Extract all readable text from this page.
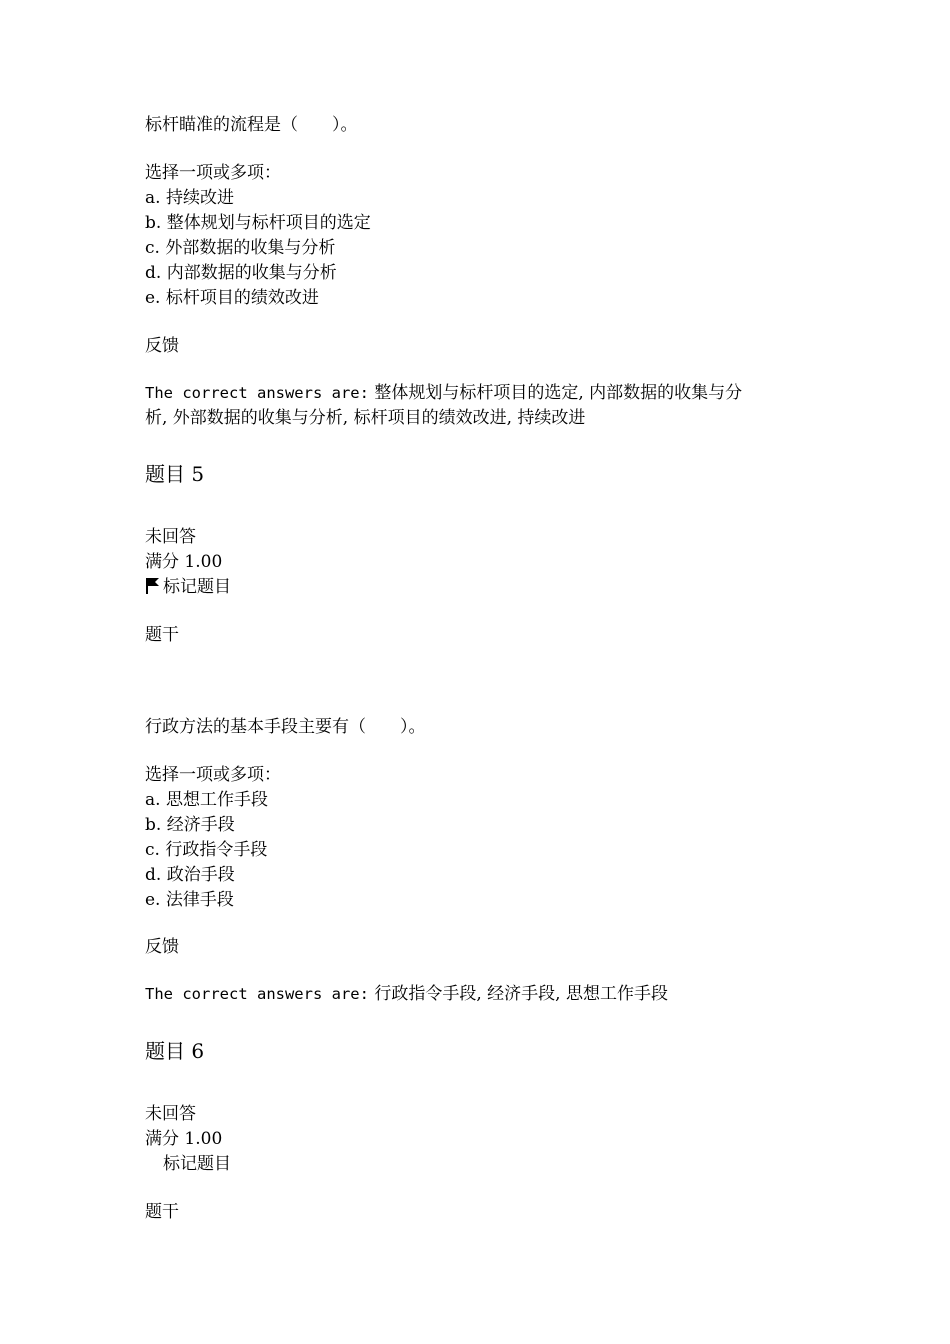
标杆瞄准的流程是（　　）。
选择一项或多项：
a. 持续改进
b. 整体规划与标杆项目的选定
c. 外部数据的收集与分析
d. 内部数据的收集与分析
e. 标杆项目的绩效改进
反馈
The correct answers are: 整体规划与标杆项目的选定, 内部数据的收集与分
析, 外部数据的收集与分析, 标杆项目的绩效改进, 持续改进
题目 5
未回答
满分 1.00
标记题目
题干
行政方法的基本手段主要有（　　）。
选择一项或多项：
a. 思想工作手段
b. 经济手段
c. 行政指令手段
d. 政治手段
e. 法律手段
反馈
The correct answers are: 行政指令手段, 经济手段, 思想工作手段
题目 6
未回答
满分 1.00
标记题目
题干
